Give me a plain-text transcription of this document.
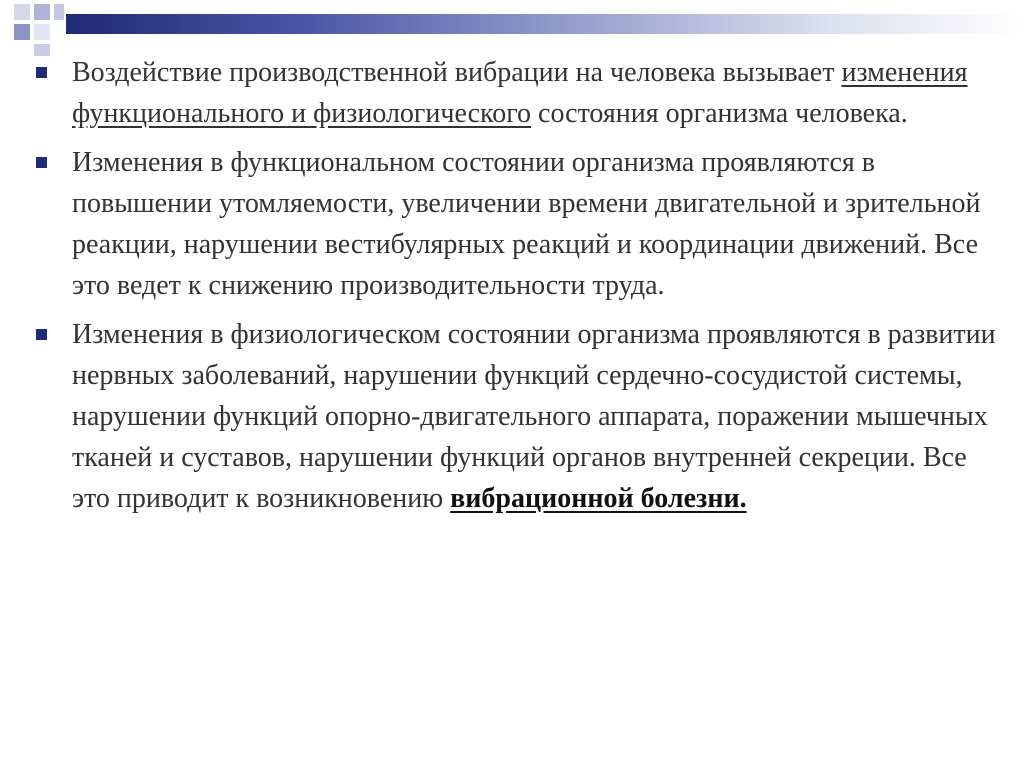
Воздействие производственной вибрации на человека вызывает изменения функционального и физиологического состояния организма человека.

Изменения в функциональном состоянии организма проявляются в повышении утомляемости, увеличении времени двигательной и зрительной реакции, нарушении вестибулярных реакций и координации движений. Все это ведет к снижению производительности труда.

Изменения в физиологическом состоянии организма проявляются в развитии нервных заболеваний, нарушении функций сердечно-сосудистой системы, нарушении функций опорно-двигательного аппарата, поражении мышечных тканей и суставов, нарушении функций органов внутренней секреции. Все это приводит к возникновению вибрационной болезни.
